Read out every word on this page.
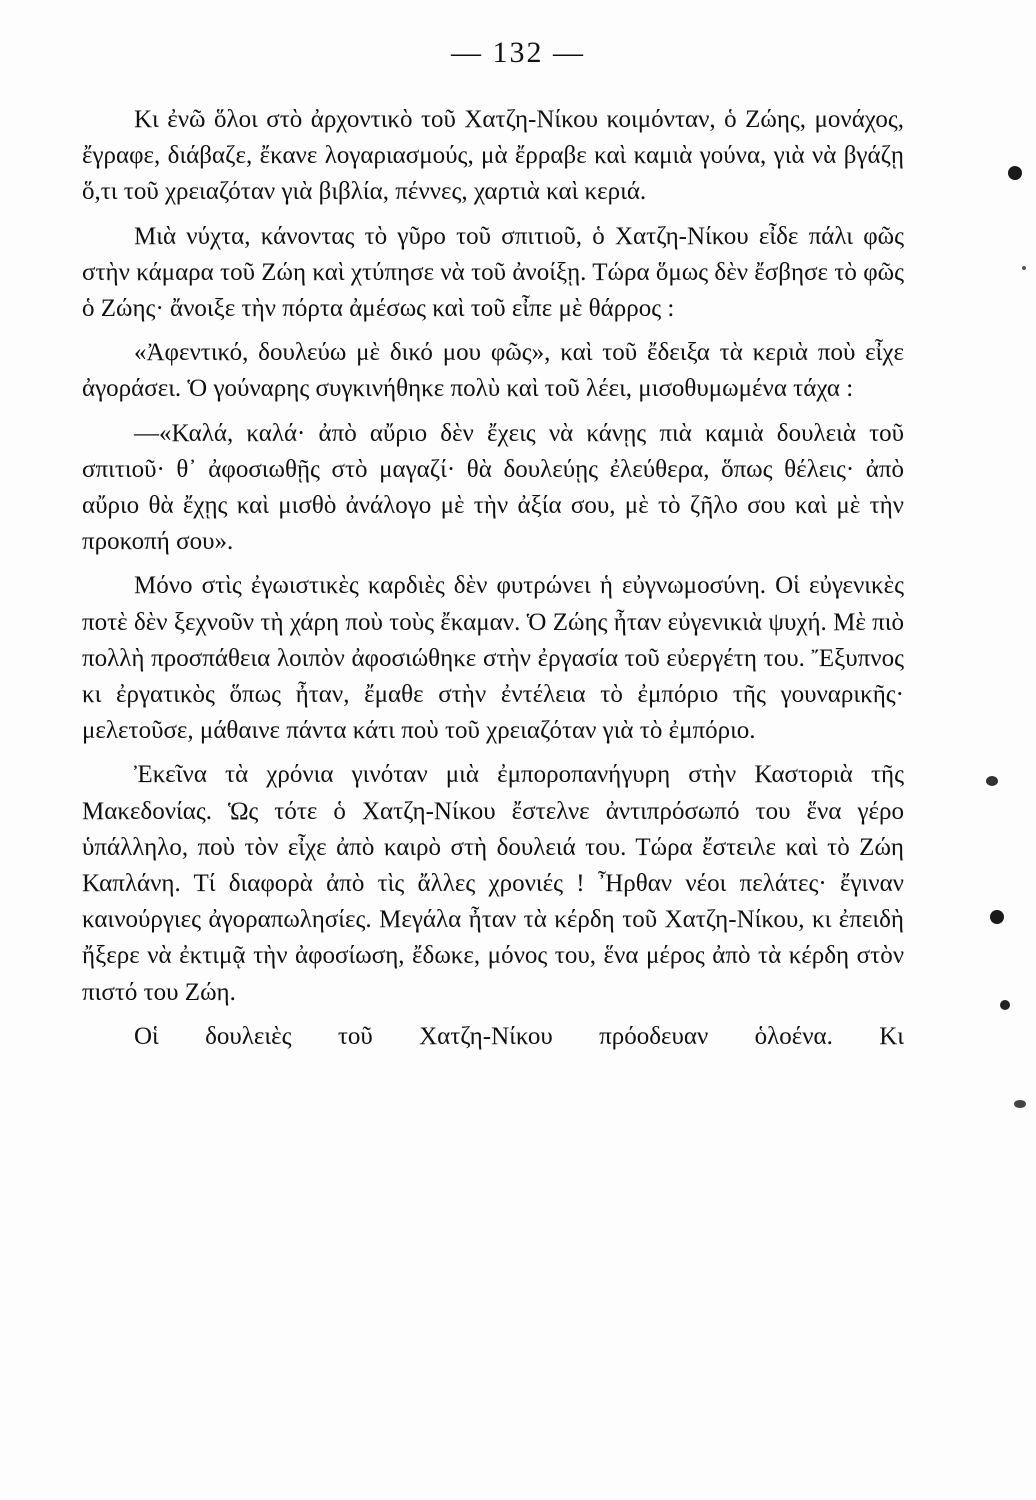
— 132 —

Κι ἐνῶ ὅλοι στὸ ἀρχοντικὸ τοῦ Χατζη-Νίκου κοιμόνταν, ὁ Ζώης, μονάχος, ἔγραφε, διάβαζε, ἔκανε λογαριασμούς, μὰ ἔρραβε καὶ καμιὰ γούνα, γιὰ νὰ βγάζῃ ὅ,τι τοῦ χρειαζόταν γιὰ βιβλία, πέννες, χαρτιὰ καὶ κεριά.

Μιὰ νύχτα, κάνοντας τὸ γῦρο τοῦ σπιτιοῦ, ὁ Χατζη-Νίκου εἶδε πάλι φῶς στὴν κάμαρα τοῦ Ζώη καὶ χτύπησε νὰ τοῦ ἀνοίξῃ. Τώρα ὅμως δὲν ἔσβησε τὸ φῶς ὁ Ζώης· ἄνοιξε τὴν πόρτα ἀμέσως καὶ τοῦ εἶπε μὲ θάρρος :

«Ἀφεντικό, δουλεύω μὲ δικό μου φῶς», καὶ τοῦ ἔδειξα τὰ κεριὰ ποὺ εἶχε ἀγοράσει. Ὁ γούναρης συγκινήθηκε πολὺ καὶ τοῦ λέει, μισοθυμωμένα τάχα :

—«Καλά, καλά· ἀπὸ αὔριο δὲν ἔχεις νὰ κάνῃς πιὰ καμιὰ δουλειὰ τοῦ σπιτιοῦ· θ᾽ ἀφοσιωθῇς στὸ μαγαζί· θὰ δουλεύῃς ἐλεύθερα, ὅπως θέλεις· ἀπὸ αὔριο θὰ ἔχῃς καὶ μισθὸ ἀνάλογο μὲ τὴν ἀξία σου, μὲ τὸ ζῆλο σου καὶ μὲ τὴν προκοπή σου».

Μόνο στὶς ἐγωιστικὲς καρδιὲς δὲν φυτρώνει ἡ εὐγνωμοσύνη. Οἱ εὐγενικὲς ποτὲ δὲν ξεχνοῦν τὴ χάρη ποὺ τοὺς ἔκαμαν. Ὁ Ζώης ἦταν εὐγενικιὰ ψυχή. Μὲ πιὸ πολλὴ προσπάθεια λοιπὸν ἀφοσιώθηκε στὴν ἐργασία τοῦ εὐεργέτη του. Ἔξυπνος κι ἐργατικὸς ὅπως ἦταν, ἔμαθε στὴν ἐντέλεια τὸ ἐμπόριο τῆς γουναρικῆς· μελετοῦσε, μάθαινε πάντα κάτι ποὺ τοῦ χρειαζόταν γιὰ τὸ ἐμπόριο.

Ἐκεῖνα τὰ χρόνια γινόταν μιὰ ἐμποροπανήγυρη στὴν Καστοριὰ τῆς Μακεδονίας. Ὡς τότε ὁ Χατζη-Νίκου ἔστελνε ἀντιπρόσωπό του ἕνα γέρο ὑπάλληλο, ποὺ τὸν εἶχε ἀπὸ καιρὸ στὴ δουλειά του. Τώρα ἔστειλε καὶ τὸ Ζώη Καπλάνη. Τί διαφορὰ ἀπὸ τὶς ἄλλες χρονιές ! Ἦρθαν νέοι πελάτες· ἔγιναν καινούργιες ἀγοραπωλησίες. Μεγάλα ἦταν τὰ κέρδη τοῦ Χατζη-Νίκου, κι ἐπειδὴ ἤξερε νὰ ἐκτιμᾷ τὴν ἀφοσίωση, ἔδωκε, μόνος του, ἕνα μέρος ἀπὸ τὰ κέρδη στὸν πιστό του Ζώη.

Οἱ δουλειὲς τοῦ Χατζη-Νίκου πρόοδευαν ὁλοένα. Κι
